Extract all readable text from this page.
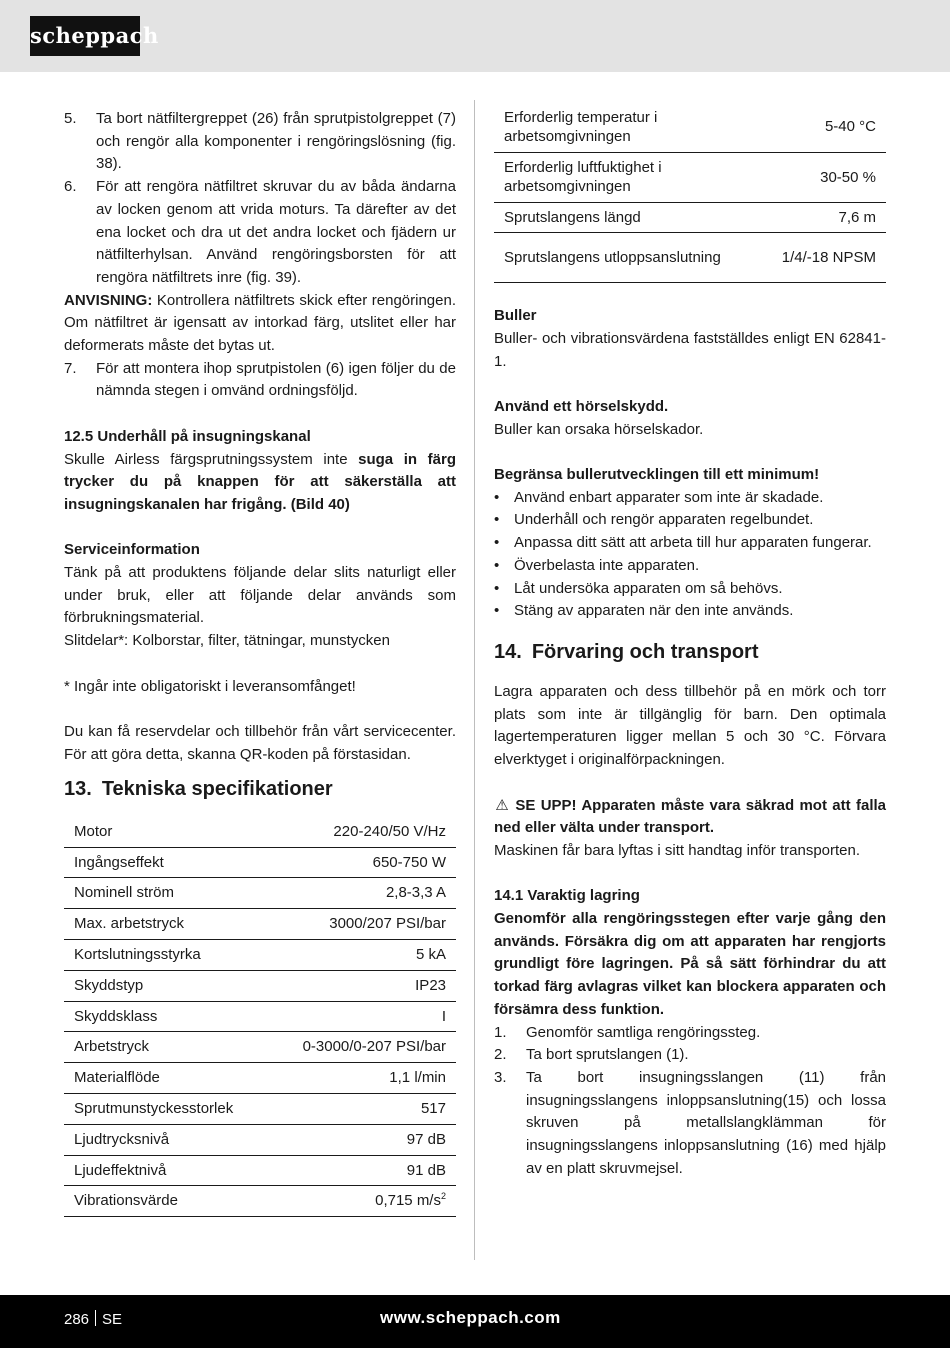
scheppach

5. Ta bort nätfiltergreppet (26) från sprutpistolgreppet (7) och rengör alla komponenter i rengöringslösning (fig. 38).

6. För att rengöra nätfiltret skruvar du av båda ändarna av locken genom att vrida moturs. Ta därefter av det ena locket och dra ut det andra locket och fjädern ur nätfilterhylsan. Använd rengöringsborsten för att rengöra nätfiltrets inre (fig. 39).

ANVISNING: Kontrollera nätfiltrets skick efter rengöringen. Om nätfiltret är igensatt av intorkad färg, utslitet eller har deformerats måste det bytas ut.

7. För att montera ihop sprutpistolen (6) igen följer du de nämnda stegen i omvänd ordningsföljd.

12.5 Underhåll på insugningskanal

Skulle Airless färgsprutningssystem inte suga in färg trycker du på knappen för att säkerställa att insugningskanalen har frigång. (Bild 40)

Serviceinformation

Tänk på att produktens följande delar slits naturligt eller under bruk, eller att följande delar används som förbrukningsmaterial.

Slitdelar*: Kolborstar, filter, tätningar, munstycken

* Ingår inte obligatoriskt i leveransomfånget!

Du kan få reservdelar och tillbehör från vårt servicecenter. För att göra detta, skanna QR-koden på förstasidan.

13. Tekniska specifikationer
Motor	220-240/50 V/Hz
Ingångseffekt	650-750 W
Nominell ström	2,8-3,3 A
Max. arbetstryck	3000/207 PSI/bar
Kortslutningsstyrka	5 kA
Skyddstyp	IP23
Skyddsklass	I
Arbetstryck	0-3000/0-207 PSI/bar
Materialflöde	1,1 l/min
Sprutmunstyckesstorlek	517
Ljudtrycksnivå	97 dB
Ljudeffektnivå	91 dB
Vibrationsvärde	0,715 $m/s^2$
Erforderlig temperatur i arbetsomgivningen	5-40 °C
Erforderlig luftfuktighet i arbetsomgivningen	30-50 %
Sprutslangens längd	7,6 m
Sprutslangens utloppsanslutning	1/4/-18 NPSM

Buller

Buller- och vibrationsvärdena fastställdes enligt EN 62841-1.

Använd ett hörselskydd.

Buller kan orsaka hörselskador.

Begränsa bullerutvecklingen till ett minimum!

• Använd enbart apparater som inte är skadade.

• Underhåll och rengör apparaten regelbundet.

• Anpassa ditt sätt att arbeta till hur apparaten fungerar.

• Överbelasta inte apparaten.

• Låt undersöka apparaten om så behövs.

• Stäng av apparaten när den inte används.

14. Förvaring och transport

Lagra apparaten och dess tillbehör på en mörk och torr plats som inte är tillgänglig för barn. Den optimala lagertemperaturen ligger mellan 5 och 30 °C. Förvara elverktyget i originalförpackningen.

⚠ SE UPP! Apparaten måste vara säkrad mot att falla ned eller välta under transport.

Maskinen får bara lyftas i sitt handtag inför transporten.

14.1 Varaktig lagring

Genomför alla rengöringsstegen efter varje gång den används. Försäkra dig om att apparaten har rengjorts grundligt före lagringen. På så sätt förhindrar du att torkad färg avlagras vilket kan blockera apparaten och försämra dess funktion.

1. Genomför samtliga rengöringssteg.

2. Ta bort sprutslangen (1).

3. Ta bort insugningsslangen (11) från insugningsslangens inloppsanslutning(15) och lossa skruven på metallslangklämman för insugningsslangens inloppsanslutning (16) med hjälp av en platt skruvmejsel.

286 SE	www.scheppach.com
